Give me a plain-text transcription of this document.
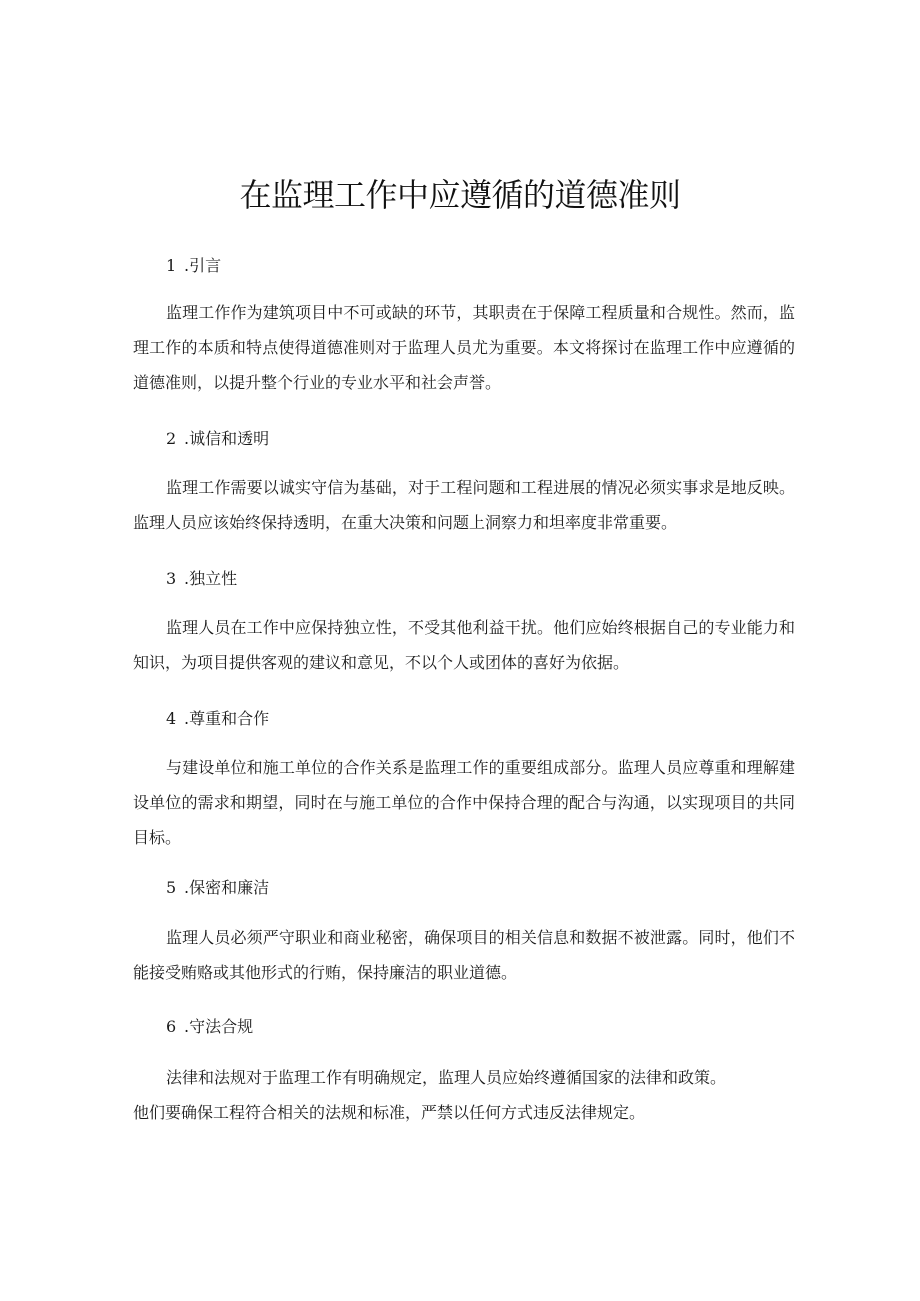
在监理工作中应遵循的道德准则

1.引言

监理工作作为建筑项目中不可或缺的环节，其职责在于保障工程质量和合规性。然而，监理工作的本质和特点使得道德准则对于监理人员尤为重要。本文将探讨在监理工作中应遵循的道德准则，以提升整个行业的专业水平和社会声誉。

2.诚信和透明

监理工作需要以诚实守信为基础，对于工程问题和工程进展的情况必须实事求是地反映。监理人员应该始终保持透明，在重大决策和问题上洞察力和坦率度非常重要。

3.独立性

监理人员在工作中应保持独立性，不受其他利益干扰。他们应始终根据自己的专业能力和知识，为项目提供客观的建议和意见，不以个人或团体的喜好为依据。

4.尊重和合作

与建设单位和施工单位的合作关系是监理工作的重要组成部分。监理人员应尊重和理解建设单位的需求和期望，同时在与施工单位的合作中保持合理的配合与沟通，以实现项目的共同目标。

5.保密和廉洁

监理人员必须严守职业和商业秘密，确保项目的相关信息和数据不被泄露。同时，他们不能接受贿赂或其他形式的行贿，保持廉洁的职业道德。

6.守法合规

法律和法规对于监理工作有明确规定，监理人员应始终遵循国家的法律和政策。
他们要确保工程符合相关的法规和标准，严禁以任何方式违反法律规定。
